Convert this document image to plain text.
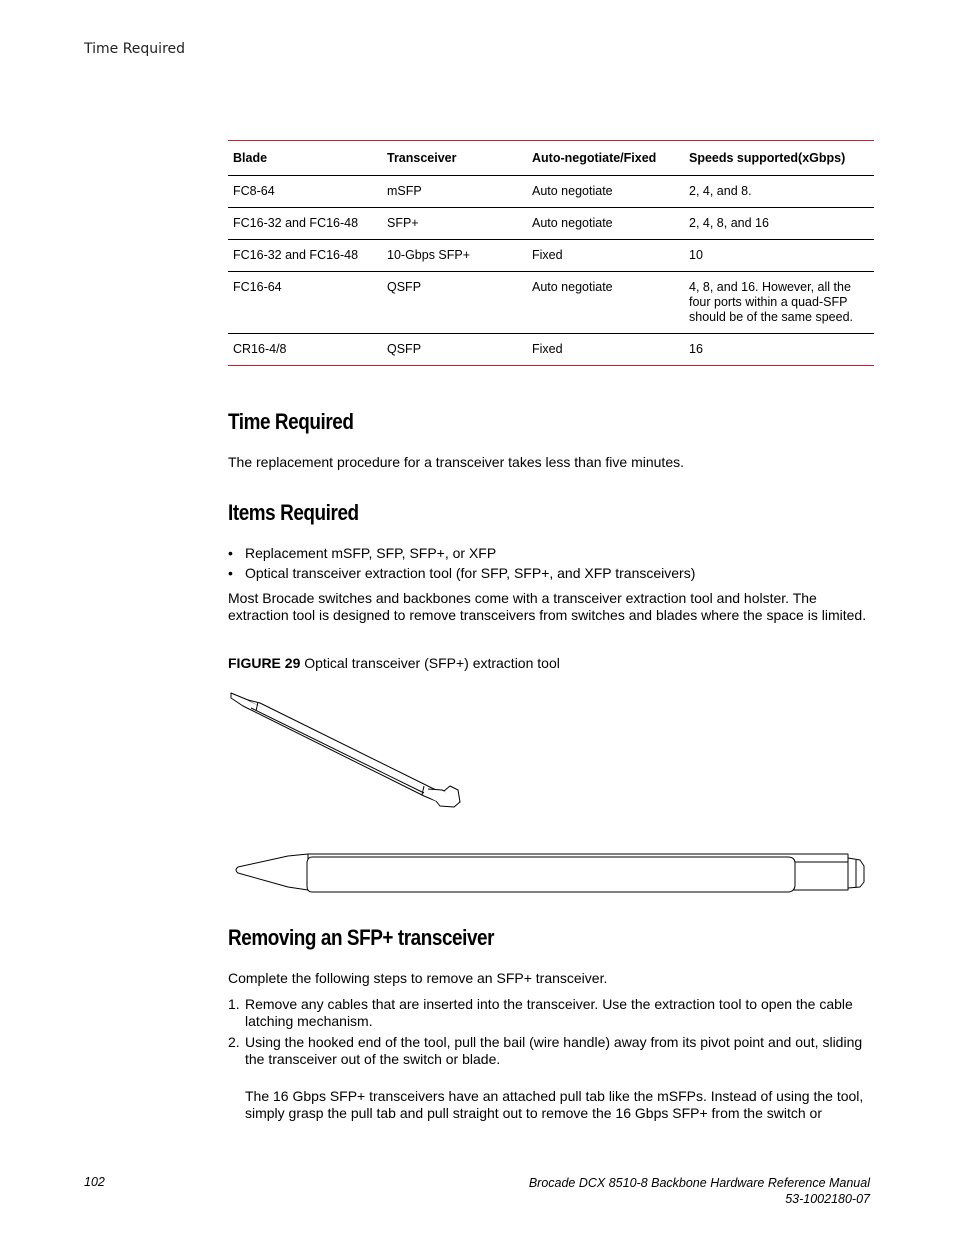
Time Required
Blade	Transceiver	Auto-negotiate/Fixed	Speeds supported(xGbps)
FC8-64	mSFP	Auto negotiate	2, 4, and 8.
FC16-32 and FC16-48	SFP+	Auto negotiate	2, 4, 8, and 16
FC16-32 and FC16-48	10-Gbps SFP+	Fixed	10
FC16-64	QSFP	Auto negotiate	4, 8, and 16. However, all the four ports within a quad-SFP should be of the same speed.
CR16-4/8	QSFP	Fixed	16
Time Required

The replacement procedure for a transceiver takes less than five minutes.

Items Required
• Replacement mSFP, SFP, SFP+, or XFP
• Optical transceiver extraction tool (for SFP, SFP+, and XFP transceivers)

Most Brocade switches and backbones come with a transceiver extraction tool and holster. The extraction tool is designed to remove transceivers from switches and blades where the space is limited.

FIGURE 29 Optical transceiver (SFP+) extraction tool
Removing an SFP+ transceiver

Complete the following steps to remove an SFP+ transceiver.

1. Remove any cables that are inserted into the transceiver. Use the extraction tool to open the cable latching mechanism.
2. Using the hooked end of the tool, pull the bail (wire handle) away from its pivot point and out, sliding the transceiver out of the switch or blade.

The 16 Gbps SFP+ transceivers have an attached pull tab like the mSFPs. Instead of using the tool, simply grasp the pull tab and pull straight out to remove the 16 Gbps SFP+ from the switch or

102	Brocade DCX 8510-8 Backbone Hardware Reference Manual
53-1002180-07
